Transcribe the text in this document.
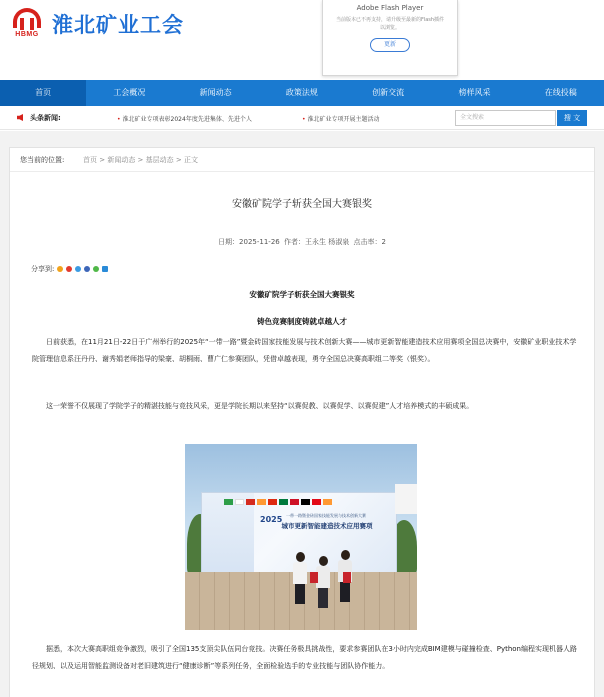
HBMG 淮北矿业工会
Adobe Flash Player
当前版本已不再支持，请升级至最新的Flash插件以浏览。
更新
首页	工会概况	新闻动态	政策法规	创新交流	榜样风采	在线投稿
头条新闻:	• 淮北矿业专项表彰2024年度先进集体、先进个人	• 淮北矿业专项开展主题活动	全文搜索	搜 文
您当前的位置:	首页 > 新闻动态 > 基层动态 > 正文
安徽矿院学子斩获全国大赛银奖
日期：2025-11-26 作者：王永生 杨淑泉 点击率：2
分享到:
安徽矿院学子斩获全国大赛银奖
铸色竞赛制度铸就卓越人才
日前获悉，在11月21日-22日于广州举行的2025年“一带一路”暨金砖国家技能发展与技术创新大赛——城市更新智能建造技术应用赛项全国总决赛中，安徽矿业职业技术学院管理信息系汪丹丹、谢秀娟老师指导的梁豪、胡桐雨、曹广仁参赛团队，凭借卓越表现，勇夺全国总决赛高职组二等奖（银奖）。
这一荣誉不仅展现了学院学子的精湛技能与竞技风采，更是学院长期以来坚持“以赛促教、以赛促学、以赛促建”人才培养模式的丰硕成果。
2025 一带一路暨金砖国家技能发展与技术创新大赛
城市更新智能建造技术应用赛项
据悉，本次大赛高职组竞争激烈，吸引了全国135支顶尖队伍同台竞技。决赛任务极具挑战性，要求参赛团队在3小时内完成BIM建模与碰撞检查、Python编程实现机器人路径规划、以及运用智能监测设备对老旧建筑进行“健康诊断”等系列任务，全面检验选手的专业技能与团队协作能力。
